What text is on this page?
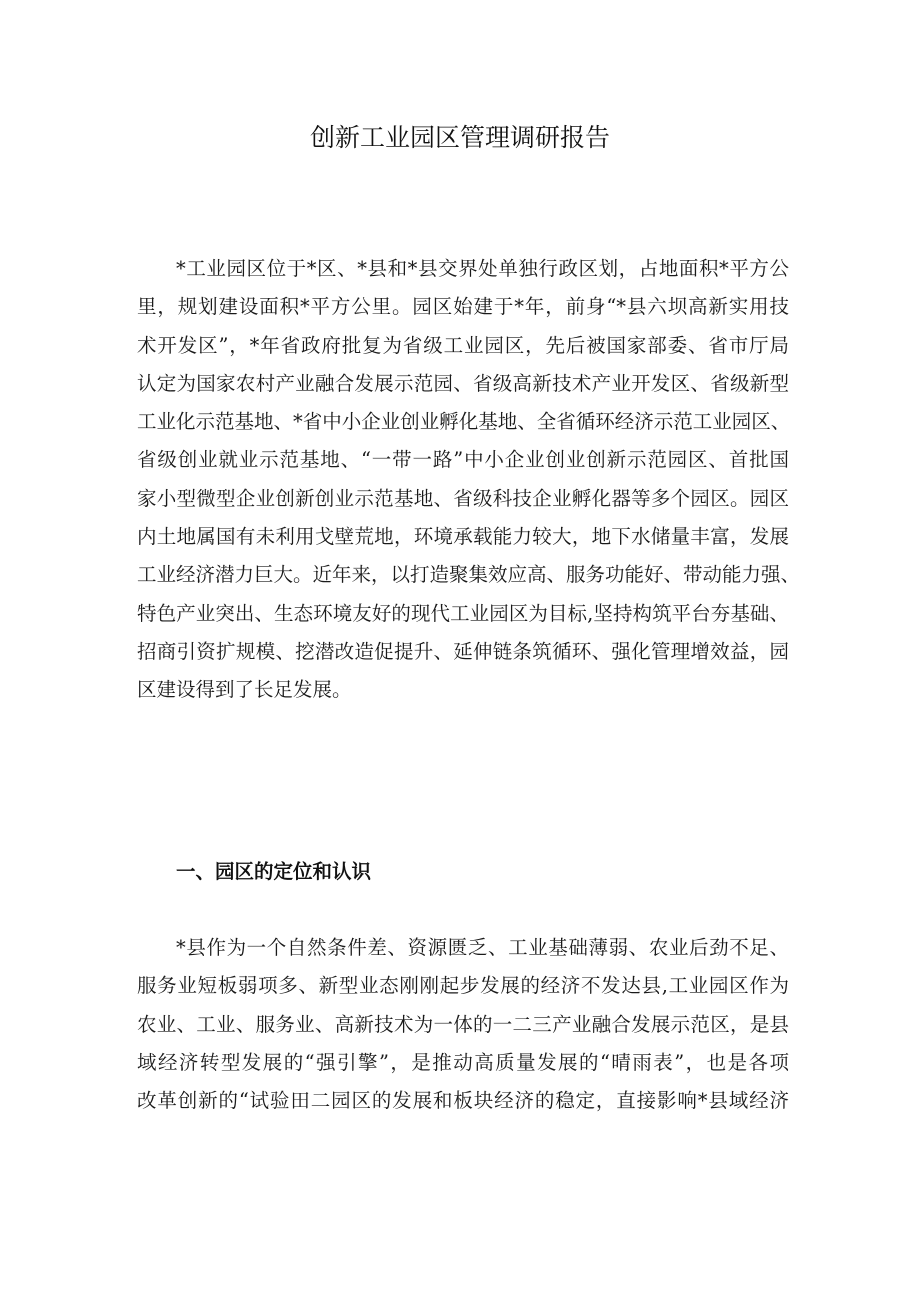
创新工业园区管理调研报告
*工业园区位于*区、*县和*县交界处单独行政区划，占地面积*平方公
里，规划建设面积*平方公里。园区始建于*年，前身“*县六坝高新实用技
术开发区”，*年省政府批复为省级工业园区，先后被国家部委、省市厅局
认定为国家农村产业融合发展示范园、省级高新技术产业开发区、省级新型
工业化示范基地、*省中小企业创业孵化基地、全省循环经济示范工业园区、
省级创业就业示范基地、“一带一路”中小企业创业创新示范园区、首批国
家小型微型企业创新创业示范基地、省级科技企业孵化器等多个园区。园区
内土地属国有未利用戈壁荒地，环境承载能力较大，地下水储量丰富，发展
工业经济潜力巨大。近年来，以打造聚集效应高、服务功能好、带动能力强、
特色产业突出、生态环境友好的现代工业园区为目标,坚持构筑平台夯基础、
招商引资扩规模、挖潜改造促提升、延伸链条筑循环、强化管理增效益，园
区建设得到了长足发展。
一、园区的定位和认识
*县作为一个自然条件差、资源匮乏、工业基础薄弱、农业后劲不足、
服务业短板弱项多、新型业态刚刚起步发展的经济不发达县,工业园区作为
农业、工业、服务业、高新技术为一体的一二三产业融合发展示范区，是县
域经济转型发展的“强引擎”，是推动高质量发展的“晴雨表”，也是各项
改革创新的“试验田二园区的发展和板块经济的稳定，直接影响*县域经济
